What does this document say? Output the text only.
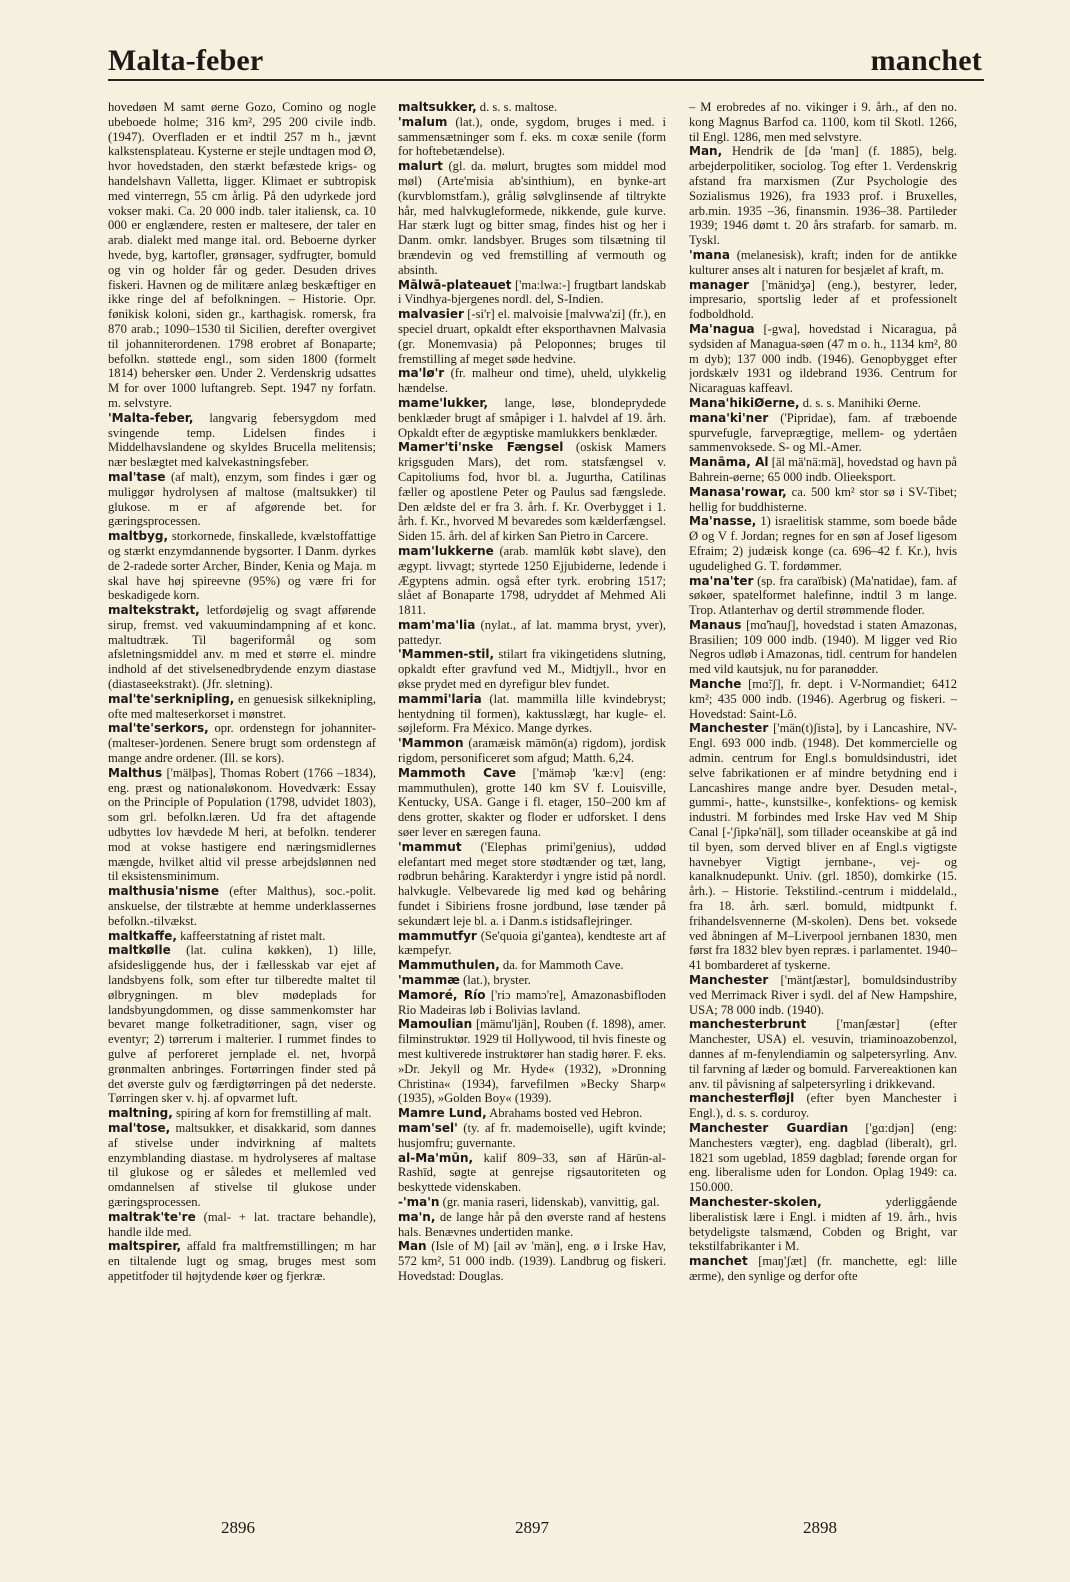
Malta-feber	manchet

hovedøen M samt øerne Gozo, Comino og nogle ubeboede holme; 316 km², 295 200 civile indb. (1947). Overfladen er et indtil 257 m h., jævnt kalkstensplateau. Kysterne er stejle undtagen mod Ø, hvor hovedstaden, den stærkt befæstede krigs- og handelshavn Valletta, ligger. Klimaet er subtropisk med vinterregn, 55 cm årlig. På den udyrkede jord vokser maki. Ca. 20 000 indb. taler italiensk, ca. 10 000 er englændere, resten er maltesere, der taler en arab. dialekt med mange ital. ord. Beboerne dyrker hvede, byg, kartofler, grønsager, sydfrugter, bomuld og vin og holder får og geder. Desuden drives fiskeri. Havnen og de militære anlæg beskæftiger en ikke ringe del af befolkningen. – Historie. Opr. fønikisk koloni, siden gr., karthagisk. romersk, fra 870 arab.; 1090–1530 til Sicilien, derefter overgivet til johanniterordenen. 1798 erobret af Bonaparte; befolkn. støttede engl., som siden 1800 (formelt 1814) behersker øen. Under 2. Verdenskrig udsattes M for over 1000 luftangreb. Sept. 1947 ny forfatn. m. selvstyre.

'Malta-feber, langvarig febersygdom med svingende temp. Lidelsen findes i Middelhavslandene og skyldes Brucella melitensis; nær beslægtet med kalvekastningsfeber.

mal'tase (af malt), enzym, som findes i gær og muliggør hydrolysen af maltose (maltsukker) til glukose. m er af afgørende bet. for gæringsprocessen.

maltbyg, storkornede, finskallede, kvælstoffattige og stærkt enzymdannende bygsorter. I Danm. dyrkes de 2-radede sorter Archer, Binder, Kenia og Maja. m skal have høj spireevne (95%) og være fri for beskadigede korn.

maltekstrakt, letfordøjelig og svagt afførende sirup, fremst. ved vakuumindampning af et konc. maltudtræk. Til bageriformål og som afsletningsmiddel anv. m med et større el. mindre indhold af det stivelsenedbrydende enzym diastase (diastaseekstrakt). (Jfr. sletning).

mal'te'serknipling, en genuesisk silkeknipling, ofte med malteserkorset i mønstret.

mal'te'serkors, opr. ordenstegn for johanniter-(malteser-)ordenen. Senere brugt som ordenstegn af mange andre ordener. (Ill. se kors).

Malthus ['mälþəs], Thomas Robert (1766 –1834), eng. præst og nationaløkonom. Hovedværk: Essay on the Principle of Population (1798, udvidet 1803), som grl. befolkn.læren. Ud fra det aftagende udbyttes lov hævdede M heri, at befolkn. tenderer mod at vokse hastigere end næringsmidlernes mængde, hvilket altid vil presse arbejdslønnen ned til eksistensminimum.

malthusia'nisme (efter Malthus), soc.-polit. anskuelse, der tilstræbte at hemme underklassernes befolkn.-tilvækst.

maltkaffe, kaffeerstatning af ristet malt.

maltkølle (lat. culina køkken), 1) lille, afsidesliggende hus, der i fællesskab var ejet af landsbyens folk, som efter tur tilberedte maltet til ølbrygningen. m blev mødeplads for landsbyungdommen, og disse sammenkomster har bevaret mange folketraditioner, sagn, viser og eventyr; 2) tørrerum i malterier. I rummet findes to gulve af perforeret jernplade el. net, hvorpå grønmalten anbringes. Fortørringen finder sted på det øverste gulv og færdigtørringen på det nederste. Tørringen sker v. hj. af opvarmet luft.

maltning, spiring af korn for fremstilling af malt.

mal'tose, maltsukker, et disakkarid, som dannes af stivelse under indvirkning af maltets enzymblanding diastase. m hydrolyseres af maltase til glukose og er således et mellemled ved omdannelsen af stivelse til glukose under gæringsprocessen.

maltrak'te're (mal- + lat. tractare behandle), handle ilde med.

maltspirer, affald fra maltfremstillingen; m har en tiltalende lugt og smag, bruges mest som appetitfoder til højtydende køer og fjerkræ.

maltsukker, d. s. s. maltose.

'malum (lat.), onde, sygdom, bruges i med. i sammensætninger som f. eks. m coxæ senile (form for hoftebetændelse).

malurt (gl. da. mølurt, brugtes som middel mod møl) (Arte'misia ab'sinthium), en bynke-art (kurvblomstfam.), grålig sølvglinsende af tiltrykte hår, med halvkugleformede, nikkende, gule kurve. Har stærk lugt og bitter smag, findes hist og her i Danm. omkr. landsbyer. Bruges som tilsætning til brændevin og ved fremstilling af vermouth og absinth.

Mālwā-plateauet ['ma:lwa:-] frugtbart landskab i Vindhya-bjergenes nordl. del, S-Indien.

malvasier [-si'r] el. malvoisie [malvwa'zi] (fr.), en speciel druart, opkaldt efter eksporthavnen Malvasia (gr. Monemvasia) på Peloponnes; bruges til fremstilling af meget søde hedvine.

ma'lø'r (fr. malheur ond time), uheld, ulykkelig hændelse.

mame'lukker, lange, løse, blondeprydede benklæder brugt af småpiger i 1. halvdel af 19. årh. Opkaldt efter de ægyptiske mamlukkers benklæder.

Mamer'ti'nske Fængsel (oskisk Mamers krigsguden Mars), det rom. statsfængsel v. Capitoliums fod, hvor bl. a. Jugurtha, Catilinas fæller og apostlene Peter og Paulus sad fængslede. Den ældste del er fra 3. årh. f. Kr. Overbygget i 1. årh. f. Kr., hvorved M bevaredes som kælderfængsel. Siden 15. årh. del af kirken San Pietro in Carcere.

mam'lukkerne (arab. mamlūk købt slave), den ægypt. livvagt; styrtede 1250 Ejjubiderne, ledende i Ægyptens admin. også efter tyrk. erobring 1517; slået af Bonaparte 1798, udryddet af Mehmed Ali 1811.

mam'ma'lia (nylat., af lat. mamma bryst, yver), pattedyr.

'Mammen-stil, stilart fra vikingetidens slutning, opkaldt efter gravfund ved M., Midtjyll., hvor en økse prydet med en dyrefigur blev fundet.

mammi'laria (lat. mammilla lille kvindebryst; hentydning til formen), kaktusslægt, har kugle- el. søjleform. Fra México. Mange dyrkes.

'Mammon (aramæisk māmōn(a) rigdom), jordisk rigdom, personificeret som afgud; Matth. 6,24.

Mammoth Cave ['mäməþ 'kæ:v] (eng: mammuthulen), grotte 140 km SV f. Louisville, Kentucky, USA. Gange i fl. etager, 150–200 km af dens grotter, skakter og floder er udforsket. I dens søer lever en særegen fauna.

'mammut ('Elephas primi'genius), uddød elefantart med meget store stødtænder og tæt, lang, rødbrun behåring. Karakterdyr i yngre istid på nordl. halvkugle. Velbevarede lig med kød og behåring fundet i Sibiriens frosne jordbund, løse tænder på sekundært leje bl. a. i Danm.s istidsaflejringer.

mammutfyr (Se'quoia gi'gantea), kendteste art af kæmpefyr.

Mammuthulen, da. for Mammoth Cave.

'mammæ (lat.), bryster.

Mamoré, Río ['riɔ mamɔ're], Amazonasbifloden Rio Madeiras løb i Bolivias lavland.

Mamoulian [mämu'ljän], Rouben (f. 1898), amer. filminstruktør. 1929 til Hollywood, til hvis fineste og mest kultiverede instruktører han stadig hører. F. eks. »Dr. Jekyll og Mr. Hyde« (1932), »Dronning Christina« (1934), farvefilmen »Becky Sharp« (1935), »Golden Boy« (1939).

Mamre Lund, Abrahams bosted ved Hebron.

mam'sel' (ty. af fr. mademoiselle), ugift kvinde; husjomfru; guvernante.

al-Ma'mūn, kalif 809–33, søn af Hārūn-al-Rashīd, søgte at genrejse rigsautoriteten og beskyttede videnskaben.

-'ma'n (gr. mania raseri, lidenskab), vanvittig, gal.

ma'n, de lange hår på den øverste rand af hestens hals. Benævnes undertiden manke.

Man (Isle of M) [ail əv 'män], eng. ø i Irske Hav, 572 km², 51 000 indb. (1939). Landbrug og fiskeri. Hovedstad: Douglas.

– M erobredes af no. vikinger i 9. årh., af den no. kong Magnus Barfod ca. 1100, kom til Skotl. 1266, til Engl. 1286, men med selvstyre.

Man, Hendrik de [də 'man] (f. 1885), belg. arbejderpolitiker, sociolog. Tog efter 1. Verdenskrig afstand fra marxismen (Zur Psychologie des Sozialismus 1926), fra 1933 prof. i Bruxelles, arb.min. 1935 –36, finansmin. 1936–38. Partileder 1939; 1946 dømt t. 20 års strafarb. for samarb. m. Tyskl.

'mana (melanesisk), kraft; inden for de antikke kulturer anses alt i naturen for besjælet af kraft, m.

manager ['mänidʒə] (eng.), bestyrer, leder, impresario, sportslig leder af et professionelt fodboldhold.

Ma'nagua [-gwa], hovedstad i Nicaragua, på sydsiden af Managua-søen (47 m o. h., 1134 km², 80 m dyb); 137 000 indb. (1946). Genopbygget efter jordskælv 1931 og ildebrand 1936. Centrum for Nicaraguas kaffeavl.

Mana'hikiØerne, d. s. s. Manihiki Øerne.

mana'ki'ner ('Pipridae), fam. af træboende spurvefugle, farveprægtige, mellem- og ydertåen sammenvoksede. S- og Ml.-Amer.

Manāma, Al [äl mä'nä:mä], hovedstad og havn på Bahrein-øerne; 65 000 indb. Olieeksport.

Manasa'rowar, ca. 500 km² stor sø i SV-Tibet; hellig for buddhisterne.

Ma'nasse, 1) israelitisk stamme, som boede både Ø og V f. Jordan; regnes for en søn af Josef ligesom Efraim; 2) judæisk konge (ca. 696–42 f. Kr.), hvis ugudelighed G. T. fordømmer.

ma'na'ter (sp. fra caraïbisk) (Ma'natidae), fam. af søkøer, spatelformet halefinne, indtil 3 m lange. Trop. Atlanterhav og dertil strømmende floder.

Manaus [mɑ̃'nauʃ], hovedstad i staten Amazonas, Brasilien; 109 000 indb. (1940). M ligger ved Rio Negros udløb i Amazonas, tidl. centrum for handelen med vild kautsjuk, nu for paranødder.

Manche [mɑ̃:ʃ], fr. dept. i V-Normandiet; 6412 km²; 435 000 indb. (1946). Agerbrug og fiskeri. – Hovedstad: Saint-Lô.

Manchester ['män(t)ʃistə], by i Lancashire, NV-Engl. 693 000 indb. (1948). Det kommercielle og admin. centrum for Engl.s bomuldsindustri, idet selve fabrikationen er af mindre betydning end i Lancashires mange andre byer. Desuden metal-, gummi-, hatte-, kunstsilke-, konfektions- og kemisk industri. M forbindes med Irske Hav ved M Ship Canal [-'ʃipkə'näl], som tillader oceanskibe at gå ind til byen, som derved bliver en af Engl.s vigtigste havnebyer Vigtigt jernbane-, vej- og kanalknudepunkt. Univ. (grl. 1850), domkirke (15. årh.). – Historie. Tekstilind.-centrum i middelald., fra 18. årh. særl. bomuld, midtpunkt f. frihandelsvennerne (M-skolen). Dens bet. voksede ved åbningen af M–Liverpool jernbanen 1830, men først fra 1832 blev byen repræs. i parlamentet. 1940–41 bombarderet af tyskerne.

Manchester ['mäntʃæstər], bomuldsindustriby ved Merrimack River i sydl. del af New Hampshire, USA; 78 000 indb. (1940).

manchesterbrunt ['manʃæstər] (efter Manchester, USA) el. vesuvin, triaminoazobenzol, dannes af m-fenylendiamin og salpetersyrling. Anv. til farvning af læder og bomuld. Farvereaktionen kan anv. til påvisning af salpetersyrling i drikkevand.

manchesterfløjl (efter byen Manchester i Engl.), d. s. s. corduroy.

Manchester Guardian ['gɑ:djən] (eng: Manchesters vægter), eng. dagblad (liberalt), grl. 1821 som ugeblad, 1859 dagblad; førende organ for eng. liberalisme uden for London. Oplag 1949: ca. 150.000.

Manchester-skolen,	yderliggående liberalistisk lære i Engl. i midten af 19. årh., hvis betydeligste talsmænd, Cobden og Bright, var tekstilfabrikanter i M.

manchet [maŋ'ʃæt] (fr. manchette, egl: lille ærme), den synlige og derfor ofte

2896	2897	2898
